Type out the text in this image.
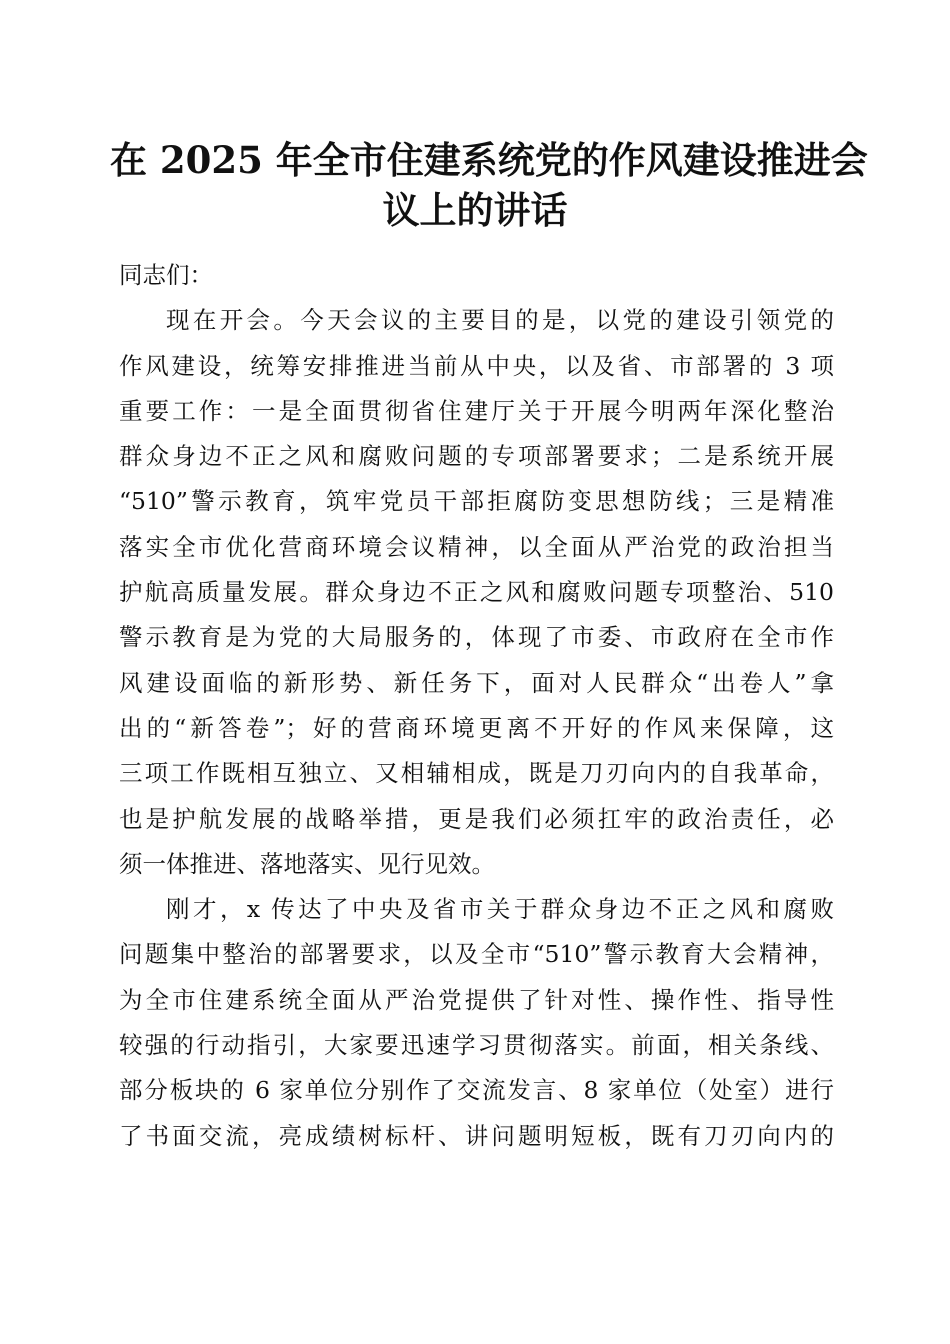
在 2025 年全市住建系统党的作风建设推进会
议上的讲话
同志们：
现在开会。今天会议的主要目的是，以党的建设引领党的
作风建设，统筹安排推进当前从中央，以及省、市部署的 3 项
重要工作：一是全面贯彻省住建厅关于开展今明两年深化整治
群众身边不正之风和腐败问题的专项部署要求；二是系统开展
“510”警示教育，筑牢党员干部拒腐防变思想防线；三是精准
落实全市优化营商环境会议精神，以全面从严治党的政治担当
护航高质量发展。群众身边不正之风和腐败问题专项整治、510
警示教育是为党的大局服务的，体现了市委、市政府在全市作
风建设面临的新形势、新任务下，面对人民群众“出卷人”拿
出的“新答卷”；好的营商环境更离不开好的作风来保障，这
三项工作既相互独立、又相辅相成，既是刀刃向内的自我革命，
也是护航发展的战略举措，更是我们必须扛牢的政治责任，必
须一体推进、落地落实、见行见效。
刚才，x 传达了中央及省市关于群众身边不正之风和腐败
问题集中整治的部署要求，以及全市“510”警示教育大会精神，
为全市住建系统全面从严治党提供了针对性、操作性、指导性
较强的行动指引，大家要迅速学习贯彻落实。前面，相关条线、
部分板块的 6 家单位分别作了交流发言、8 家单位（处室）进行
了书面交流，亮成绩树标杆、讲问题明短板，既有刀刃向内的
